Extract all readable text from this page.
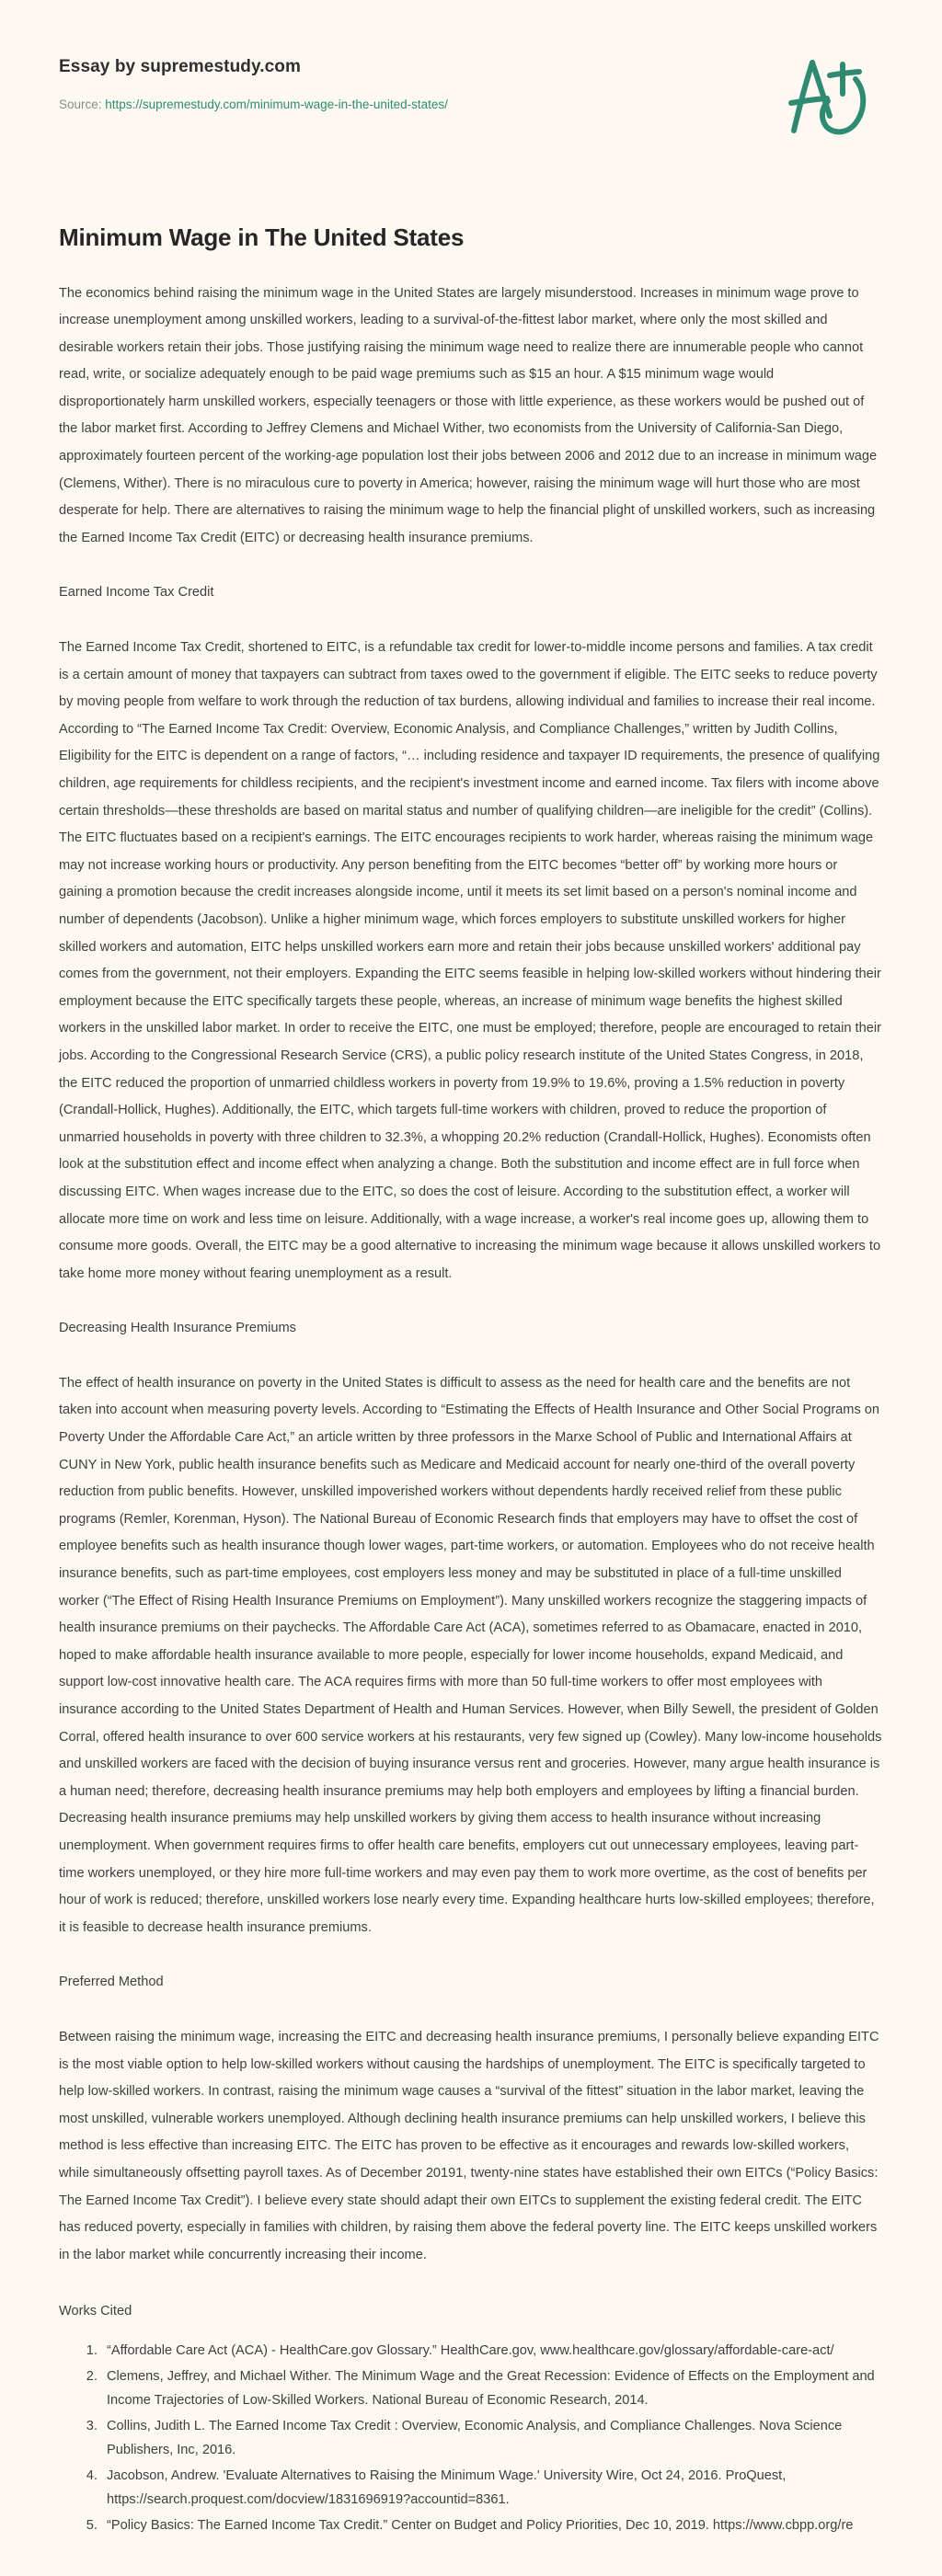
Essay by supremestudy.com
Source: https://supremestudy.com/minimum-wage-in-the-united-states/
Minimum Wage in The United States

The economics behind raising the minimum wage in the United States are largely misunderstood. Increases in minimum wage prove to increase unemployment among unskilled workers, leading to a survival-of-the-fittest labor market, where only the most skilled and desirable workers retain their jobs. Those justifying raising the minimum wage need to realize there are innumerable people who cannot read, write, or socialize adequately enough to be paid wage premiums such as $15 an hour. A $15 minimum wage would disproportionately harm unskilled workers, especially teenagers or those with little experience, as these workers would be pushed out of the labor market first. According to Jeffrey Clemens and Michael Wither, two economists from the University of California-San Diego, approximately fourteen percent of the working-age population lost their jobs between 2006 and 2012 due to an increase in minimum wage (Clemens, Wither). There is no miraculous cure to poverty in America; however, raising the minimum wage will hurt those who are most desperate for help. There are alternatives to raising the minimum wage to help the financial plight of unskilled workers, such as increasing the Earned Income Tax Credit (EITC) or decreasing health insurance premiums.

Earned Income Tax Credit

The Earned Income Tax Credit, shortened to EITC, is a refundable tax credit for lower-to-middle income persons and families. A tax credit is a certain amount of money that taxpayers can subtract from taxes owed to the government if eligible. The EITC seeks to reduce poverty by moving people from welfare to work through the reduction of tax burdens, allowing individual and families to increase their real income. According to “The Earned Income Tax Credit: Overview, Economic Analysis, and Compliance Challenges,” written by Judith Collins, Eligibility for the EITC is dependent on a range of factors, “… including residence and taxpayer ID requirements, the presence of qualifying children, age requirements for childless recipients, and the recipient's investment income and earned income. Tax filers with income above certain thresholds—these thresholds are based on marital status and number of qualifying children—are ineligible for the credit” (Collins). The EITC fluctuates based on a recipient's earnings. The EITC encourages recipients to work harder, whereas raising the minimum wage may not increase working hours or productivity. Any person benefiting from the EITC becomes “better off” by working more hours or gaining a promotion because the credit increases alongside income, until it meets its set limit based on a person's nominal income and number of dependents (Jacobson). Unlike a higher minimum wage, which forces employers to substitute unskilled workers for higher skilled workers and automation, EITC helps unskilled workers earn more and retain their jobs because unskilled workers' additional pay comes from the government, not their employers. Expanding the EITC seems feasible in helping low-skilled workers without hindering their employment because the EITC specifically targets these people, whereas, an increase of minimum wage benefits the highest skilled workers in the unskilled labor market. In order to receive the EITC, one must be employed; therefore, people are encouraged to retain their jobs. According to the Congressional Research Service (CRS), a public policy research institute of the United States Congress, in 2018, the EITC reduced the proportion of unmarried childless workers in poverty from 19.9% to 19.6%, proving a 1.5% reduction in poverty (Crandall-Hollick, Hughes). Additionally, the EITC, which targets full-time workers with children, proved to reduce the proportion of unmarried households in poverty with three children to 32.3%, a whopping 20.2% reduction (Crandall-Hollick, Hughes). Economists often look at the substitution effect and income effect when analyzing a change. Both the substitution and income effect are in full force when discussing EITC. When wages increase due to the EITC, so does the cost of leisure. According to the substitution effect, a worker will allocate more time on work and less time on leisure. Additionally, with a wage increase, a worker's real income goes up, allowing them to consume more goods. Overall, the EITC may be a good alternative to increasing the minimum wage because it allows unskilled workers to take home more money without fearing unemployment as a result.

Decreasing Health Insurance Premiums

The effect of health insurance on poverty in the United States is difficult to assess as the need for health care and the benefits are not taken into account when measuring poverty levels. According to “Estimating the Effects of Health Insurance and Other Social Programs on Poverty Under the Affordable Care Act,” an article written by three professors in the Marxe School of Public and International Affairs at CUNY in New York, public health insurance benefits such as Medicare and Medicaid account for nearly one-third of the overall poverty reduction from public benefits. However, unskilled impoverished workers without dependents hardly received relief from these public programs (Remler, Korenman, Hyson). The National Bureau of Economic Research finds that employers may have to offset the cost of employee benefits such as health insurance though lower wages, part-time workers, or automation. Employees who do not receive health insurance benefits, such as part-time employees, cost employers less money and may be substituted in place of a full-time unskilled worker (“The Effect of Rising Health Insurance Premiums on Employment”). Many unskilled workers recognize the staggering impacts of health insurance premiums on their paychecks. The Affordable Care Act (ACA), sometimes referred to as Obamacare, enacted in 2010, hoped to make affordable health insurance available to more people, especially for lower income households, expand Medicaid, and support low-cost innovative health care. The ACA requires firms with more than 50 full-time workers to offer most employees with insurance according to the United States Department of Health and Human Services. However, when Billy Sewell, the president of Golden Corral, offered health insurance to over 600 service workers at his restaurants, very few signed up (Cowley). Many low-income households and unskilled workers are faced with the decision of buying insurance versus rent and groceries. However, many argue health insurance is a human need; therefore, decreasing health insurance premiums may help both employers and employees by lifting a financial burden. Decreasing health insurance premiums may help unskilled workers by giving them access to health insurance without increasing unemployment. When government requires firms to offer health care benefits, employers cut out unnecessary employees, leaving part-time workers unemployed, or they hire more full-time workers and may even pay them to work more overtime, as the cost of benefits per hour of work is reduced; therefore, unskilled workers lose nearly every time. Expanding healthcare hurts low-skilled employees; therefore, it is feasible to decrease health insurance premiums.

Preferred Method

Between raising the minimum wage, increasing the EITC and decreasing health insurance premiums, I personally believe expanding EITC is the most viable option to help low-skilled workers without causing the hardships of unemployment. The EITC is specifically targeted to help low-skilled workers. In contrast, raising the minimum wage causes a “survival of the fittest” situation in the labor market, leaving the most unskilled, vulnerable workers unemployed. Although declining health insurance premiums can help unskilled workers, I believe this method is less effective than increasing EITC. The EITC has proven to be effective as it encourages and rewards low-skilled workers, while simultaneously offsetting payroll taxes. As of December 20191, twenty-nine states have established their own EITCs (“Policy Basics: The Earned Income Tax Credit”). I believe every state should adapt their own EITCs to supplement the existing federal credit. The EITC has reduced poverty, especially in families with children, by raising them above the federal poverty line. The EITC keeps unskilled workers in the labor market while concurrently increasing their income.

Works Cited
1. “Affordable Care Act (ACA) - HealthCare.gov Glossary.” HealthCare.gov, www.healthcare.gov/glossary/affordable-care-act/
2. Clemens, Jeffrey, and Michael Wither. The Minimum Wage and the Great Recession: Evidence of Effects on the Employment and Income Trajectories of Low-Skilled Workers. National Bureau of Economic Research, 2014.
3. Collins, Judith L. The Earned Income Tax Credit : Overview, Economic Analysis, and Compliance Challenges. Nova Science Publishers, Inc, 2016.
4. Jacobson, Andrew. 'Evaluate Alternatives to Raising the Minimum Wage.' University Wire, Oct 24, 2016. ProQuest, https://search.proquest.com/docview/1831696919?accountid=8361.
5. “Policy Basics: The Earned Income Tax Credit.” Center on Budget and Policy Priorities, Dec 10, 2019. https://www.cbpp.org/re
